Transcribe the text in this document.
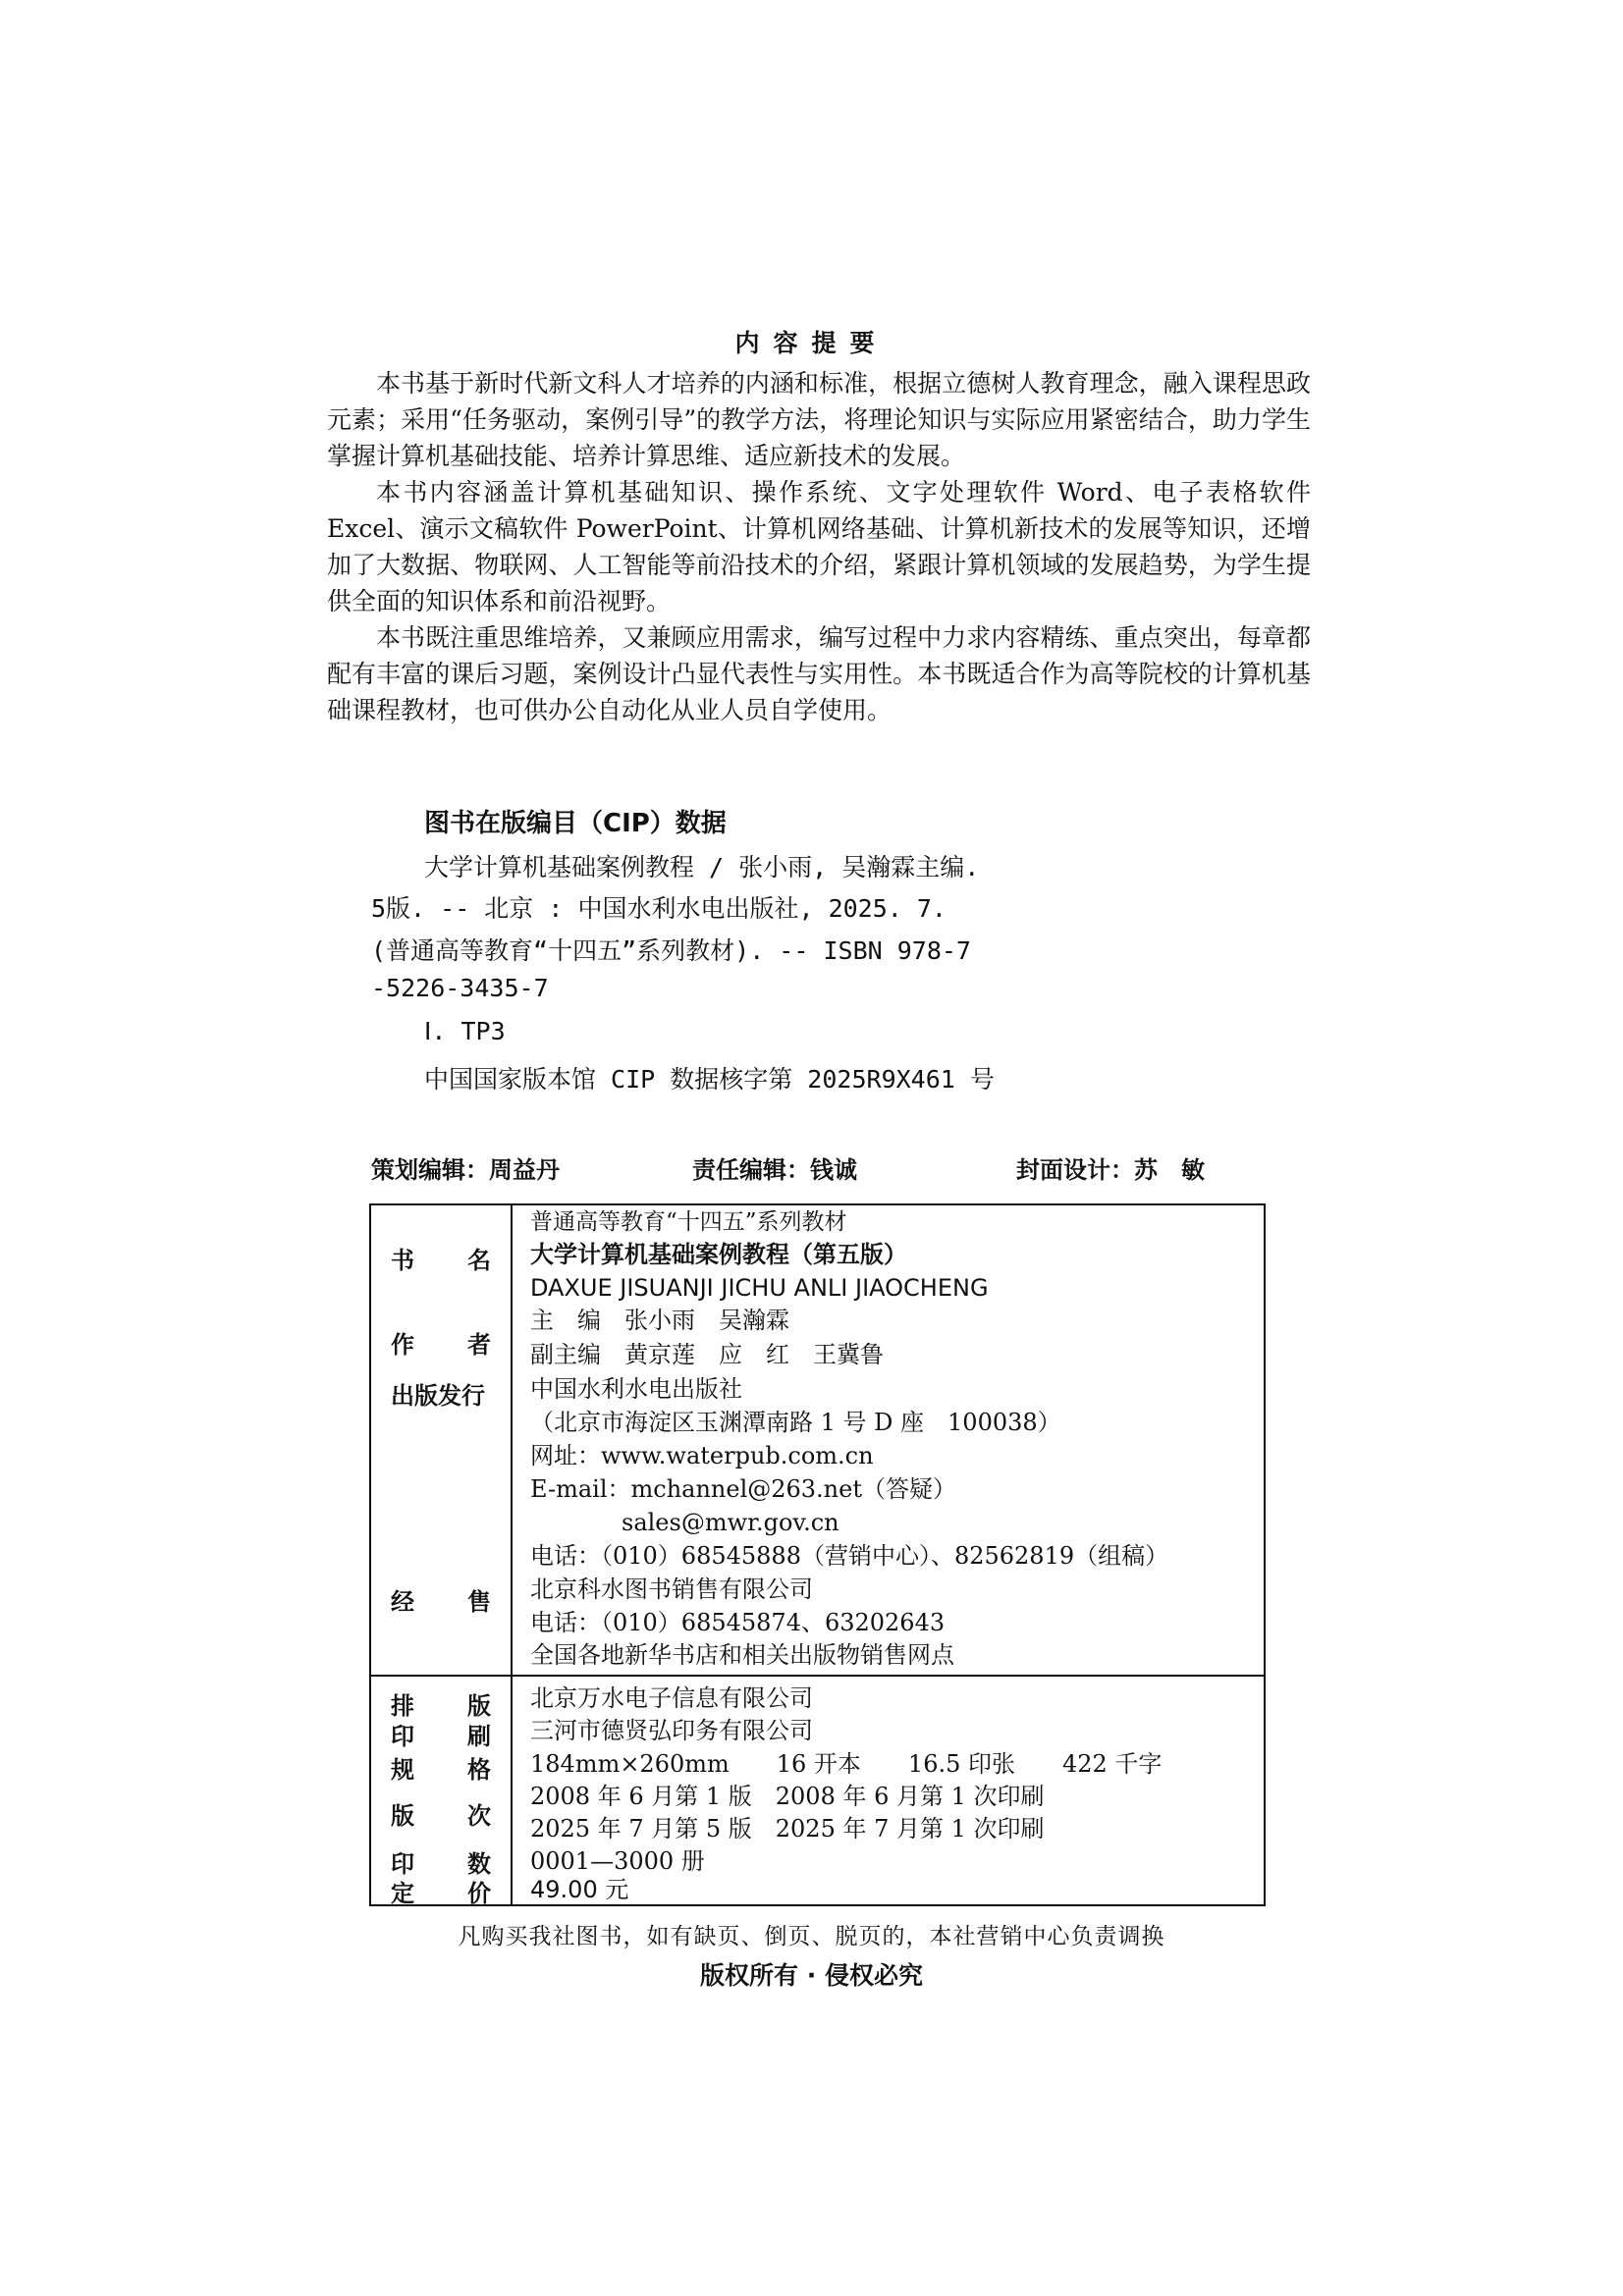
内容提要

本书基于新时代新文科人才培养的内涵和标准，根据立德树人教育理念，融入课程思政元素；采用“任务驱动，案例引导”的教学方法，将理论知识与实际应用紧密结合，助力学生掌握计算机基础技能、培养计算思维、适应新技术的发展。

本书内容涵盖计算机基础知识、操作系统、文字处理软件 Word、电子表格软件 Excel、演示文稿软件 PowerPoint、计算机网络基础、计算机新技术的发展等知识，还增加了大数据、物联网、人工智能等前沿技术的介绍，紧跟计算机领域的发展趋势，为学生提供全面的知识体系和前沿视野。

本书既注重思维培养，又兼顾应用需求，编写过程中力求内容精练、重点突出，每章都配有丰富的课后习题，案例设计凸显代表性与实用性。本书既适合作为高等院校的计算机基础课程教材，也可供办公自动化从业人员自学使用。

图书在版编目（CIP）数据
大学计算机基础案例教程 / 张小雨, 吴瀚霖主编.
5版. -- 北京 : 中国水利水电出版社, 2025. 7.
(普通高等教育“十四五”系列教材). -- ISBN 978-7
-5226-3435-7
Ⅰ. TP3
中国国家版本馆 CIP 数据核字第 2025R9X461 号
策划编辑：周益丹	责任编辑：钱诚	封面设计：苏　敏
书 名
作 者
出版发行
经 售
排 版
印 刷
规 格
版 次
印 数
定 价
普通高等教育“十四五”系列教材
大学计算机基础案例教程（第五版）
DAXUE JISUANJI JICHU ANLI JIAOCHENG
主　编　张小雨　吴瀚霖
副主编　黄京莲　应　红　王冀鲁
中国水利水电出版社
（北京市海淀区玉渊潭南路 1 号 D 座　100038）
网址：www.waterpub.com.cn
E-mail：mchannel@263.net（答疑）
sales@mwr.gov.cn
电话：（010）68545888（营销中心）、82562819（组稿）
北京科水图书销售有限公司
电话：（010）68545874、63202643
全国各地新华书店和相关出版物销售网点
北京万水电子信息有限公司
三河市德贤弘印务有限公司
184mm×260mm　　16 开本　　16.5 印张　　422 千字
2008 年 6 月第 1 版　2008 年 6 月第 1 次印刷
2025 年 7 月第 5 版　2025 年 7 月第 1 次印刷
0001—3000 册
49.00 元
凡购买我社图书，如有缺页、倒页、脱页的，本社营销中心负责调换
版权所有 · 侵权必究
